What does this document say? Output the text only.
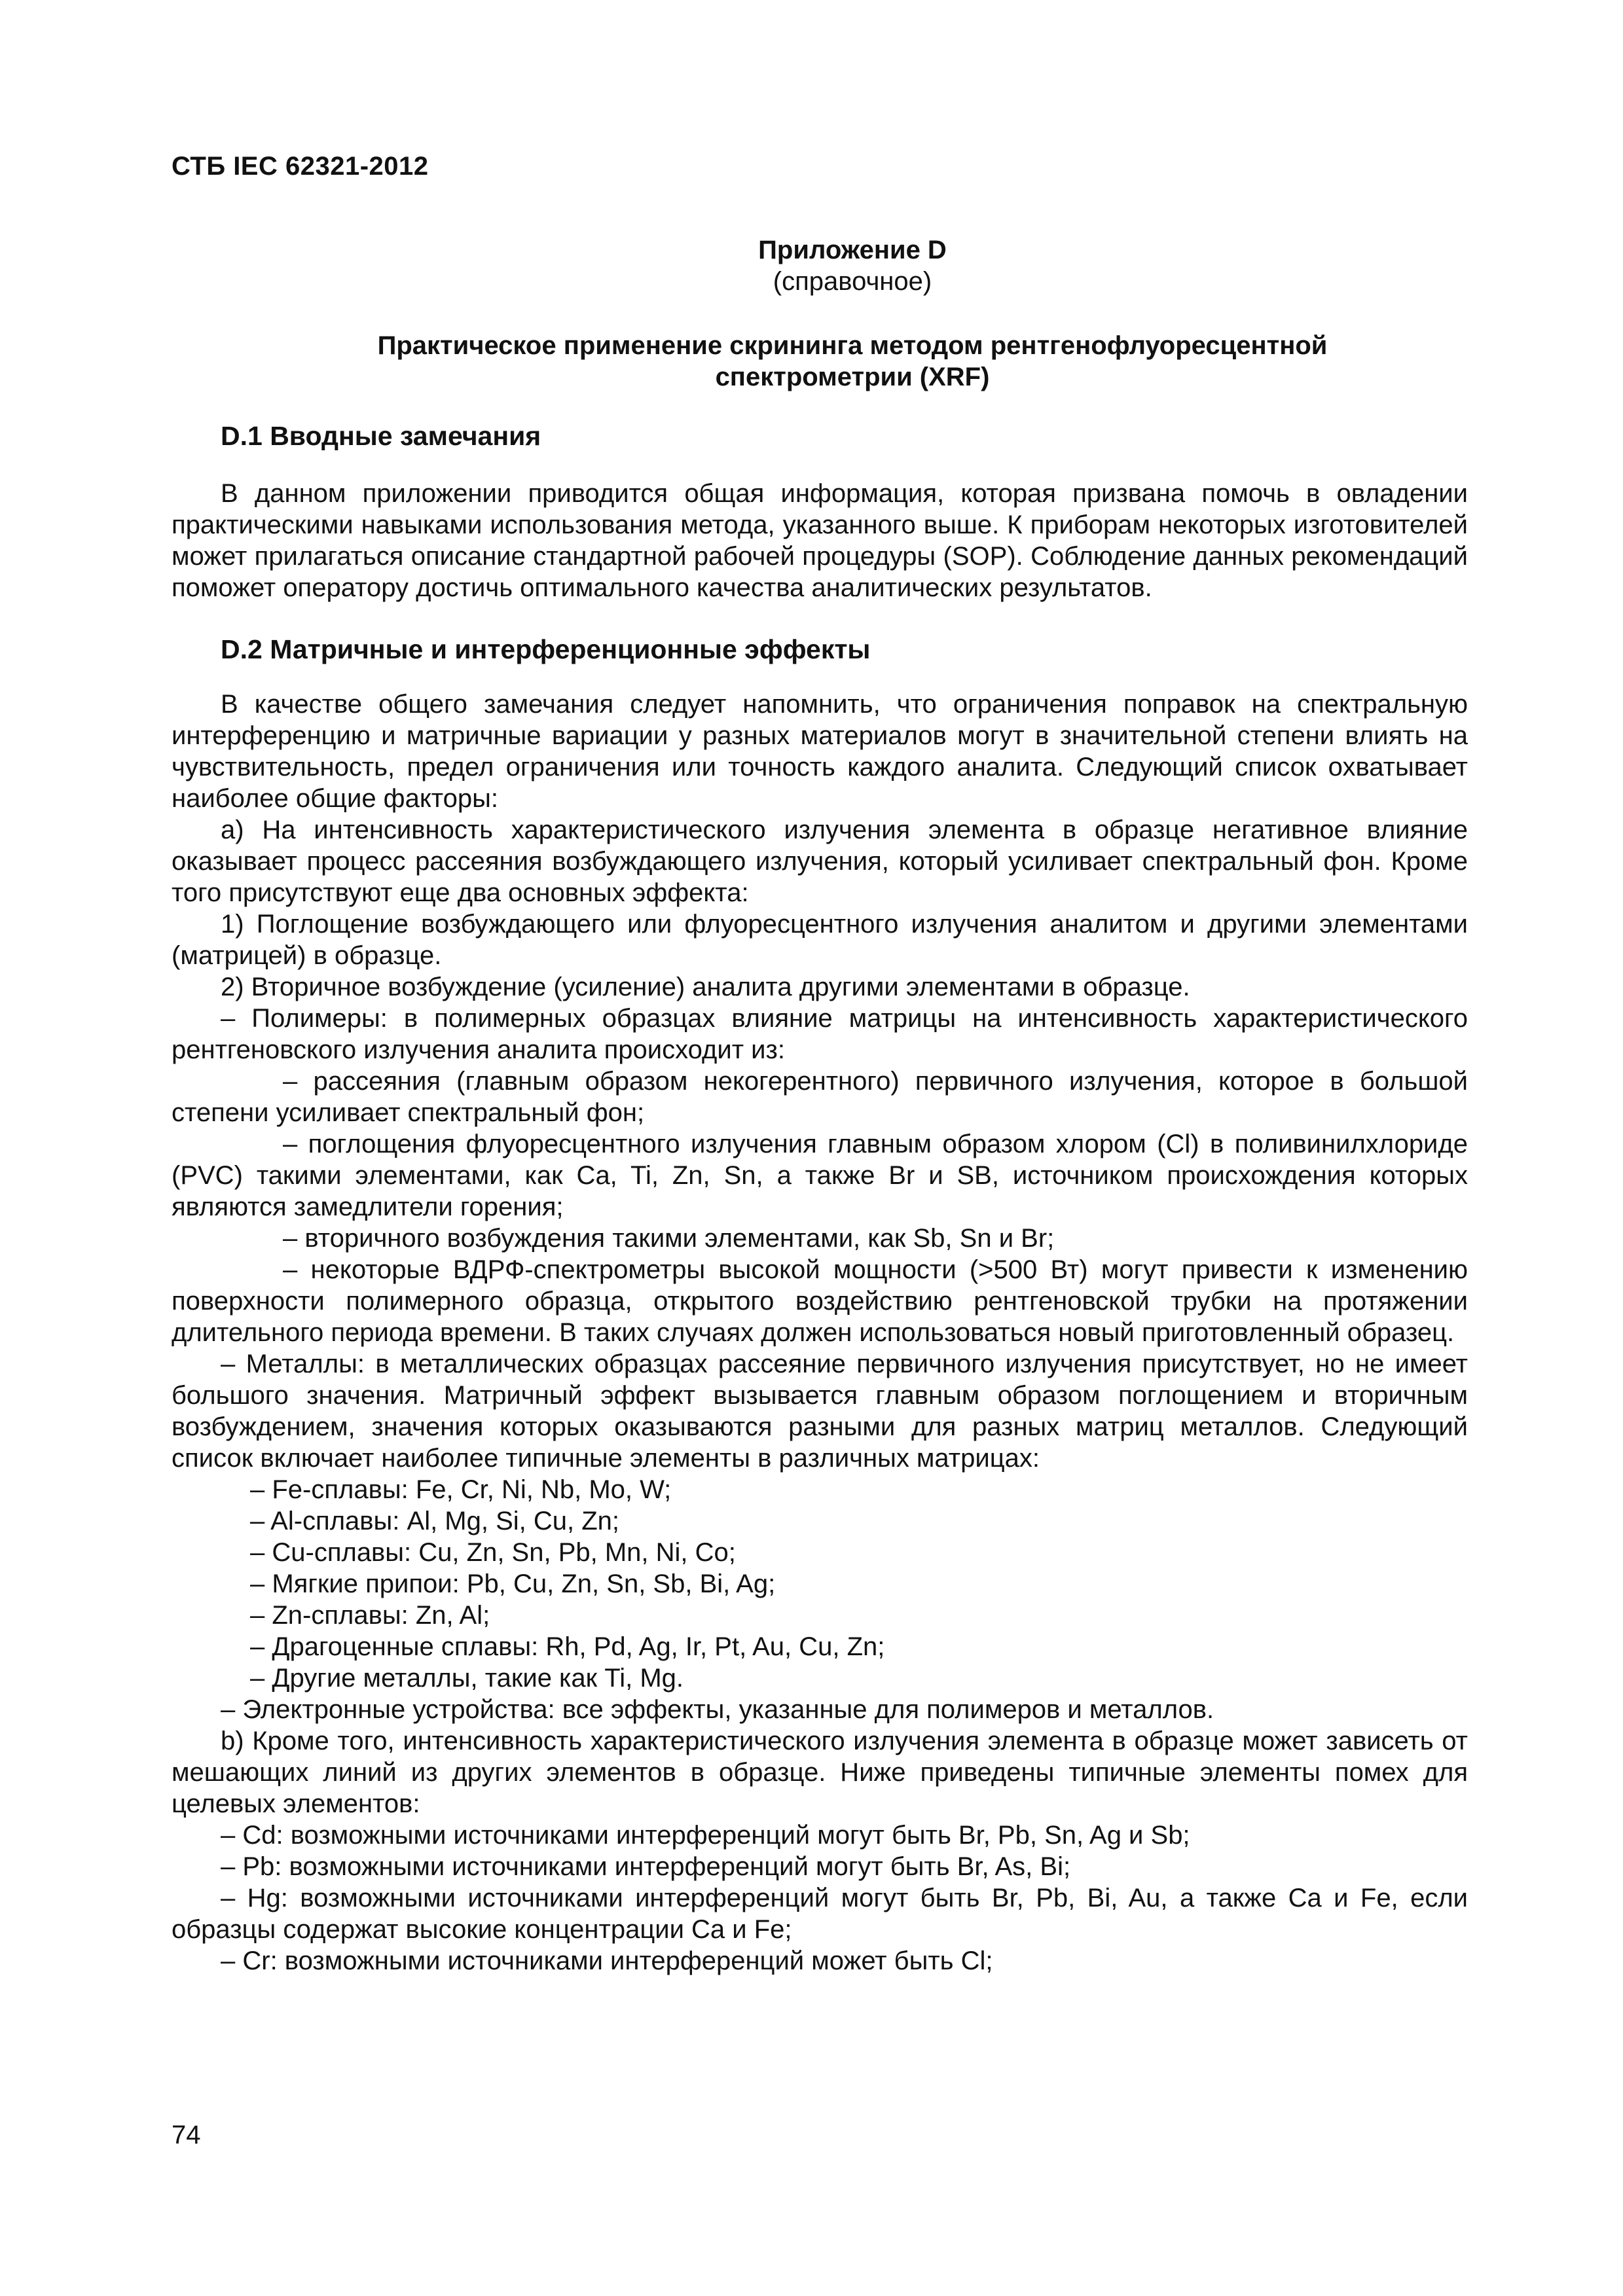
СТБ IEC 62321-2012
Приложение D
(справочное)
Практическое применение скрининга методом рентгенофлуоресцентной
спектрометрии (XRF)
D.1 Вводные замечания

В данном приложении приводится общая информация, которая призвана помочь в овладении практическими навыками использования метода, указанного выше. К приборам некоторых изготовителей может прилагаться описание стандартной рабочей процедуры (SOP). Соблюдение данных рекомендаций поможет оператору достичь оптимального качества аналитических результатов.

D.2 Матричные и интерференционные эффекты

В качестве общего замечания следует напомнить, что ограничения поправок на спектральную интерференцию и матричные вариации у разных материалов могут в значительной степени влиять на чувствительность, предел ограничения или точность каждого аналита. Следующий список охватывает наиболее общие факторы:

a) На интенсивность характеристического излучения элемента в образце негативное влияние оказывает процесс рассеяния возбуждающего излучения, который усиливает спектральный фон. Кроме того присутствуют еще два основных эффекта:

1) Поглощение возбуждающего или флуоресцентного излучения аналитом и другими элементами (матрицей) в образце.

2) Вторичное возбуждение (усиление) аналита другими элементами в образце.

– Полимеры: в полимерных образцах влияние матрицы на интенсивность характеристического рентгеновского излучения аналита происходит из:

– рассеяния (главным образом некогерентного) первичного излучения, которое в большой степени усиливает спектральный фон;

– поглощения флуоресцентного излучения главным образом хлором (Cl) в поливинилхлориде (PVC) такими элементами, как Ca, Ti, Zn, Sn, а также Br и SB, источником происхождения которых являются замедлители горения;

– вторичного возбуждения такими элементами, как Sb, Sn и Br;

– некоторые ВДРФ-спектрометры высокой мощности (>500 Вт) могут привести к изменению поверхности полимерного образца, открытого воздействию рентгеновской трубки на протяжении длительного периода времени. В таких случаях должен использоваться новый приготовленный образец.

– Металлы: в металлических образцах рассеяние первичного излучения присутствует, но не имеет большого значения. Матричный эффект вызывается главным образом поглощением и вторичным возбуждением, значения которых оказываются разными для разных матриц металлов. Следующий список включает наиболее типичные элементы в различных матрицах:

– Fe-сплавы: Fe, Cr, Ni, Nb, Mo, W;
– Al-сплавы: Al, Mg, Si, Cu, Zn;
– Cu-сплавы: Cu, Zn, Sn, Pb, Mn, Ni, Co;
– Мягкие припои: Pb, Cu, Zn, Sn, Sb, Bi, Ag;
– Zn-сплавы: Zn, Al;
– Драгоценные сплавы: Rh, Pd, Ag, Ir, Pt, Au, Cu, Zn;
– Другие металлы, такие как Ti, Mg.

– Электронные устройства: все эффекты, указанные для полимеров и металлов.

b) Кроме того, интенсивность характеристического излучения элемента в образце может зависеть от мешающих линий из других элементов в образце. Ниже приведены типичные элементы помех для целевых элементов:

– Cd: возможными источниками интерференций могут быть Br, Pb, Sn, Ag и Sb;

– Pb: возможными источниками интерференций могут быть Br, As, Bi;

– Hg: возможными источниками интерференций могут быть Br, Pb, Bi, Au, а также Ca и Fe, если образцы содержат высокие концентрации Ca и Fe;

– Cr: возможными источниками интерференций может быть Cl;

74
